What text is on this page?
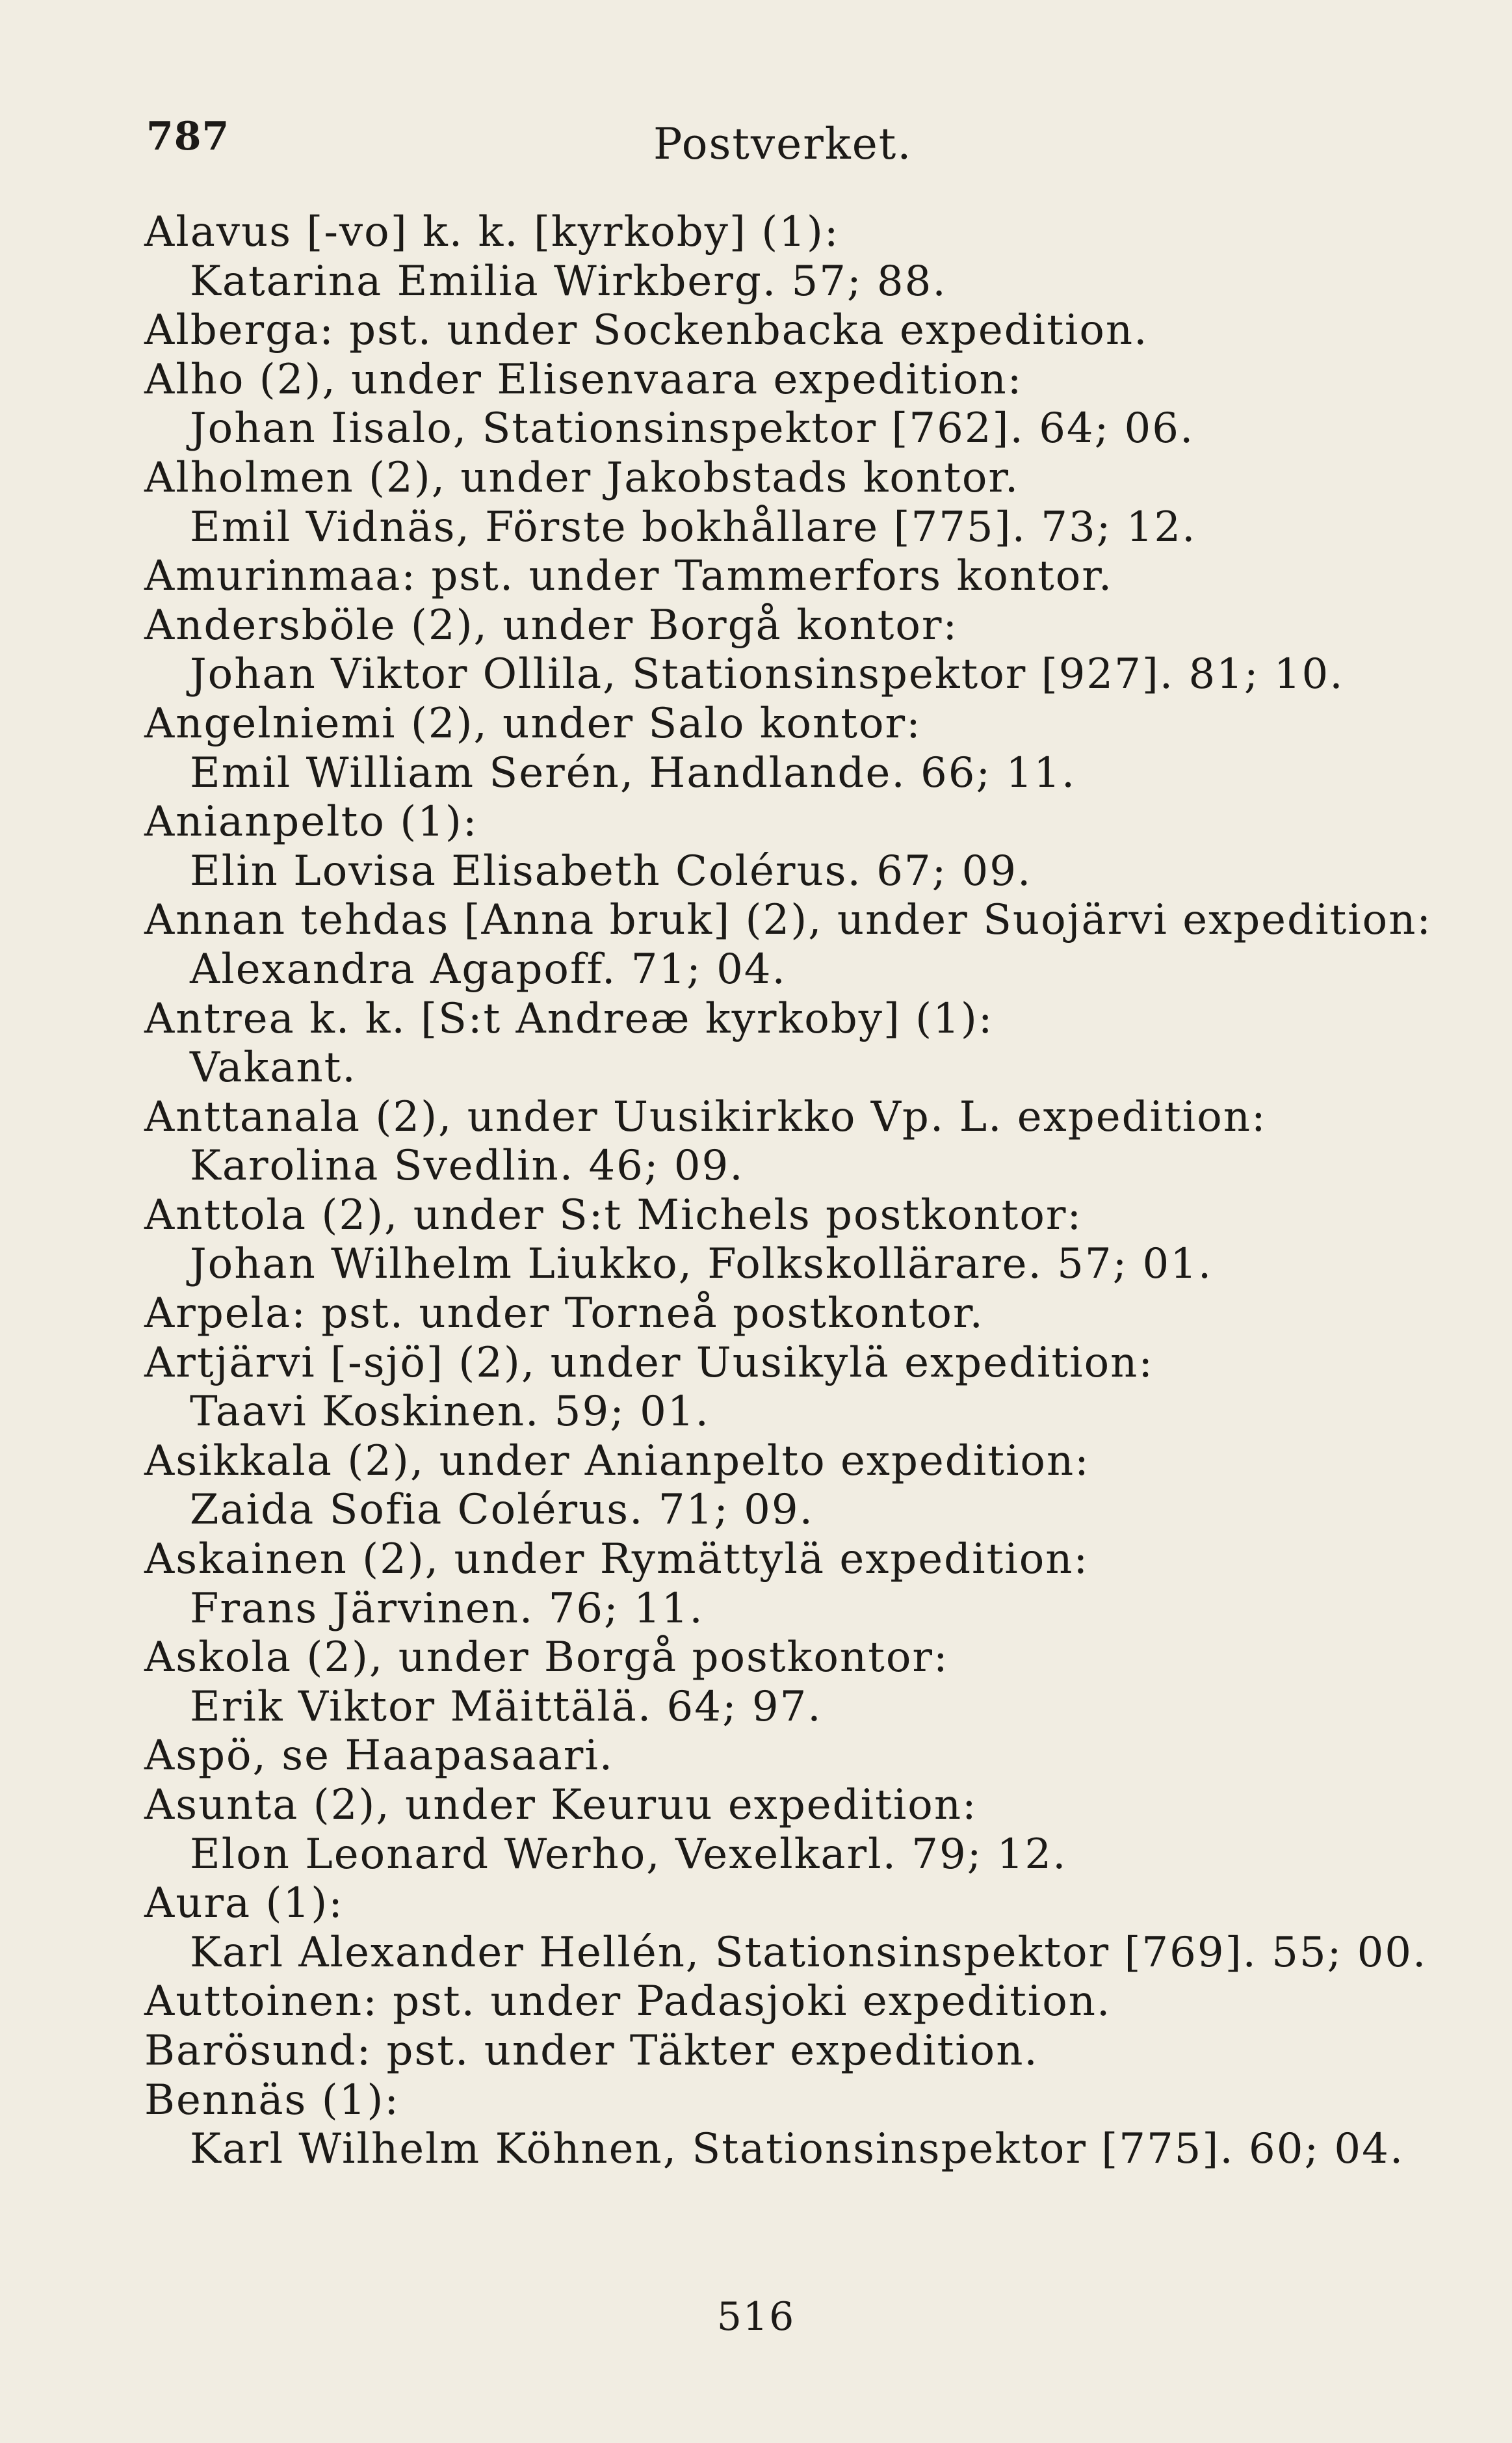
787	Postverket.
Alavus [-vo] k. k. [kyrkoby] (1):
Katarina Emilia Wirkberg. 57; 88.
Alberga: pst. under Sockenbacka expedition.
Alho (2), under Elisenvaara expedition:
Johan Iisalo, Stationsinspektor [762]. 64; 06.
Alholmen (2), under Jakobstads kontor.
Emil Vidnäs, Förste bokhållare [775]. 73; 12.
Amurinmaa: pst. under Tammerfors kontor.
Andersböle (2), under Borgå kontor:
Johan Viktor Ollila, Stationsinspektor [927]. 81; 10.
Angelniemi (2), under Salo kontor:
Emil William Serén, Handlande. 66; 11.
Anianpelto (1):
Elin Lovisa Elisabeth Colérus. 67; 09.
Annan tehdas [Anna bruk] (2), under Suojärvi expedition:
Alexandra Agapoff. 71; 04.
Antrea k. k. [S:t Andreæ kyrkoby] (1):
Vakant.
Anttanala (2), under Uusikirkko Vp. L. expedition:
Karolina Svedlin. 46; 09.
Anttola (2), under S:t Michels postkontor:
Johan Wilhelm Liukko, Folkskollärare. 57; 01.
Arpela: pst. under Torneå postkontor.
Artjärvi [-sjö] (2), under Uusikylä expedition:
Taavi Koskinen. 59; 01.
Asikkala (2), under Anianpelto expedition:
Zaida Sofia Colérus. 71; 09.
Askainen (2), under Rymättylä expedition:
Frans Järvinen. 76; 11.
Askola (2), under Borgå postkontor:
Erik Viktor Mäittälä. 64; 97.
Aspö, se Haapasaari.
Asunta (2), under Keuruu expedition:
Elon Leonard Werho, Vexelkarl. 79; 12.
Aura (1):
Karl Alexander Hellén, Stationsinspektor [769]. 55; 00.
Auttoinen: pst. under Padasjoki expedition.
Barösund: pst. under Täkter expedition.
Bennäs (1):
Karl Wilhelm Köhnen, Stationsinspektor [775]. 60; 04.
516
